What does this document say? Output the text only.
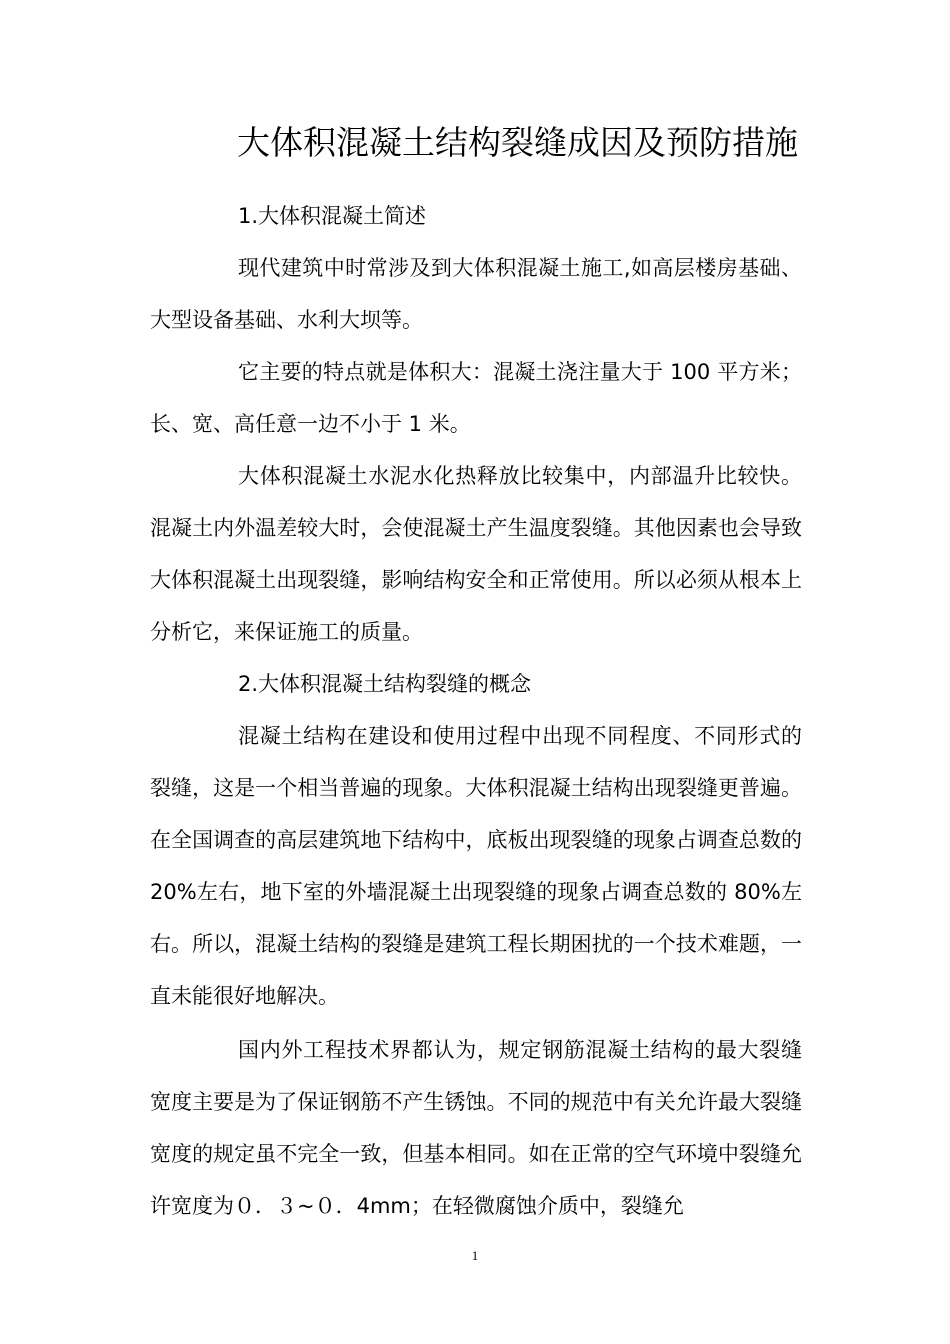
大体积混凝土结构裂缝成因及预防措施

1.大体积混凝土简述

现代建筑中时常涉及到大体积混凝土施工,如高层楼房基础、大型设备基础、水利大坝等。

它主要的特点就是体积大：混凝土浇注量大于 100 平方米；长、宽、高任意一边不小于 1 米。

大体积混凝土水泥水化热释放比较集中，内部温升比较快。混凝土内外温差较大时，会使混凝土产生温度裂缝。其他因素也会导致大体积混凝土出现裂缝，影响结构安全和正常使用。所以必须从根本上分析它，来保证施工的质量。

2.大体积混凝土结构裂缝的概念

混凝土结构在建设和使用过程中出现不同程度、不同形式的裂缝，这是一个相当普遍的现象。大体积混凝土结构出现裂缝更普遍。在全国调查的高层建筑地下结构中，底板出现裂缝的现象占调查总数的 20%左右，地下室的外墙混凝土出现裂缝的现象占调查总数的 80%左右。所以，混凝土结构的裂缝是建筑工程长期困扰的一个技术难题，一直未能很好地解决。

国内外工程技术界都认为，规定钢筋混凝土结构的最大裂缝宽度主要是为了保证钢筋不产生锈蚀。不同的规范中有关允许最大裂缝宽度的规定虽不完全一致，但基本相同。如在正常的空气环境中裂缝允许宽度为０．３~０．4mm；在轻微腐蚀介质中，裂缝允

1
